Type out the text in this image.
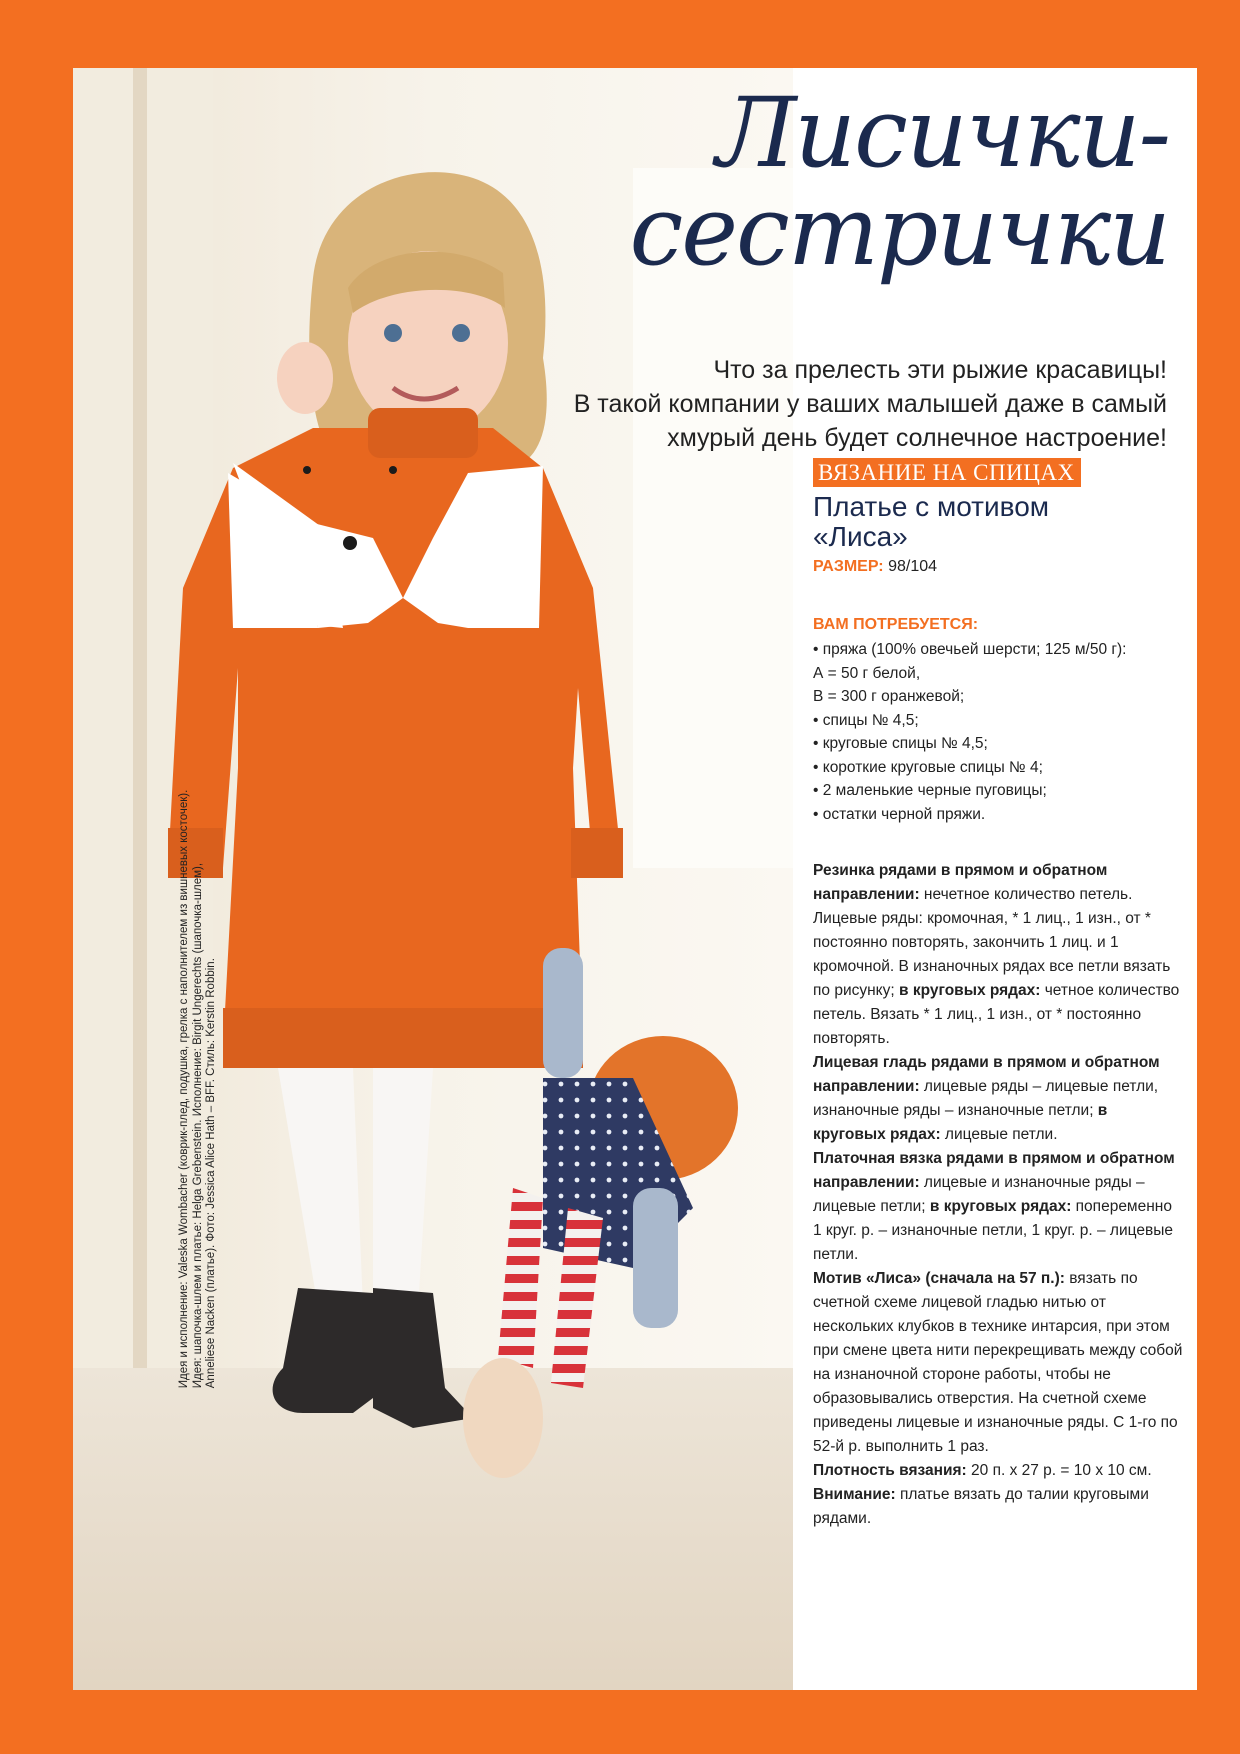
Идея и исполнение: Valeska Wombacher (коврик-плед, подушка, грелка с наполнителем из вишневых косточек). Идея: шапочка-шлем и платье: Helga Grebenstein. Исполнение: Birgit Ungerechts (шапочка-шлем), Anneliese Nacken (платье). Фото: Jessica Alice Hath – BFF. Стиль: Kerstin Robbin.
Лисички-
сестрички
Что за прелесть эти рыжие красавицы!
В такой компании у ваших малышей даже в самый
хмурый день будет солнечное настроение!
ВЯЗАНИЕ НА СПИЦАХ
Платье с мотивом
«Лиса»
РАЗМЕР: 98/104
ВАМ ПОТРЕБУЕТСЯ:
• пряжа (100% овечьей шерсти; 125 м/50 г):
А = 50 г белой,
В = 300 г оранжевой;
• спицы № 4,5;
• круговые спицы № 4,5;
• короткие круговые спицы № 4;
• 2 маленькие черные пуговицы;
• остатки черной пряжи.

Резинка рядами в прямом и обратном направлении: нечетное количество петель. Лицевые ряды: кромочная, * 1 лиц., 1 изн., от * постоянно повторять, закончить 1 лиц. и 1 кромочной. В изнаночных рядах все петли вязать по рисунку; в круговых рядах: четное количество петель. Вязать * 1 лиц., 1 изн., от * постоянно повторять.

Лицевая гладь рядами в прямом и обратном направлении: лицевые ряды – лицевые петли, изнаночные ряды – изнаночные петли; в круговых рядах: лицевые петли.

Платочная вязка рядами в прямом и обратном направлении: лицевые и изнаночные ряды – лицевые петли; в круговых рядах: попеременно 1 круг. р. – изнаночные петли, 1 круг. р. – лицевые петли.

Мотив «Лиса» (сначала на 57 п.): вязать по счетной схеме лицевой гладью нитью от нескольких клубков в технике интарсия, при этом при смене цвета нити перекрещивать между собой на изнаночной стороне работы, чтобы не образовывались отверстия. На счетной схеме приведены лицевые и изнаночные ряды. С 1-го по 52-й р. выполнить 1 раз.

Плотность вязания: 20 п. х 27 р. = 10 х 10 см.

Внимание: платье вязать до талии круговыми рядами.
